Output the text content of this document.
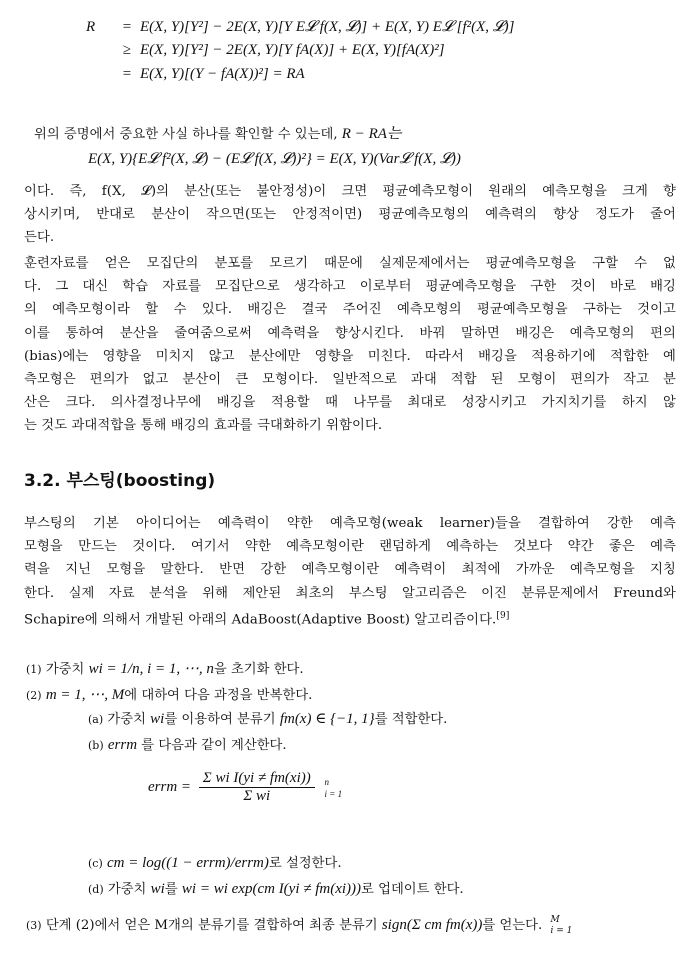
R = E(X, Y)[Y²] − 2E(X, Y)[Y E𝓛 f(X, 𝓛)] + E(X, Y) E𝓛 [f²(X, 𝓛)]
≥ E(X, Y)[Y²] − 2E(X, Y)[Y fA(X)] + E(X, Y)[fA(X)²]
= E(X, Y)[(Y − fA(X))²] = RA
위의 증명에서 중요한 사실 하나를 확인할 수 있는데, R − RA는
E(X, Y){E𝓛 f²(X, 𝓛) − (E𝓛 f(X, 𝓛))²} = E(X, Y)(Var𝓛 f(X, 𝓛))
이다. 즉, f(X, 𝓛)의 분산(또는 불안정성)이 크면 평균예측모형이 원래의 예측모형을 크게 향
상시키며, 반대로 분산이 작으면(또는 안정적이면) 평균예측모형의 예측력의 향상 정도가 줄어
든다.
훈련자료를 얻은 모집단의 분포를 모르기 때문에 실제문제에서는 평균예측모형을 구할 수 없
다. 그 대신 학습 자료를 모집단으로 생각하고 이로부터 평균예측모형을 구한 것이 바로 배깅
의 예측모형이라 할 수 있다. 배깅은 결국 주어진 예측모형의 평균예측모형을 구하는 것이고
이를 통하여 분산을 줄여줌으로써 예측력을 향상시킨다. 바꿔 말하면 배깅은 예측모형의 편의
(bias)에는 영향을 미치지 않고 분산에만 영향을 미친다. 따라서 배깅을 적용하기에 적합한 예
측모형은 편의가 없고 분산이 큰 모형이다. 일반적으로 과대 적합 된 모형이 편의가 작고 분
산은 크다. 의사결정나무에 배깅을 적용할 때 나무를 최대로 성장시키고 가지치기를 하지 않
는 것도 과대적합을 통해 배깅의 효과를 극대화하기 위함이다.
3.2. 부스팅(boosting)
부스팅의 기본 아이디어는 예측력이 약한 예측모형(weak learner)들을 결합하여 강한 예측
모형을 만드는 것이다. 여기서 약한 예측모형이란 랜덤하게 예측하는 것보다 약간 좋은 예측
력을 지닌 모형을 말한다. 반면 강한 예측모형이란 예측력이 최적에 가까운 예측모형을 지칭
한다. 실제 자료 분석을 위해 제안된 최초의 부스팅 알고리즘은 이진 분류문제에서 Freund와
Schapire에 의해서 개발된 아래의 AdaBoost(Adaptive Boost) 알고리즘이다.[9]
(1) 가중치 wi = 1/n, i = 1, ⋯, n을 초기화 한다.
(2) m = 1, ⋯, M에 대하여 다음 과정을 반복한다.
(a) 가중치 wi를 이용하여 분류기 fm(x) ∈ {−1, 1}를 적합한다.
(b) errm 를 다음과 같이 계산한다.
errm = $\frac{\text{Σ wi I(yi ≠ fm(xi))}}{\text{Σ wi}}$
n
i = 1
(c) cm = log((1 − errm)/errm)로 설정한다.
(d) 가중치 wi를 wi = wi exp(cm I(yi ≠ fm(xi)))로 업데이트 한다.
(3) 단계 (2)에서 얻은 M개의 분류기를 결합하여 최종 분류기 sign(Σ cm fm(x))를 얻는다. M
i = 1
